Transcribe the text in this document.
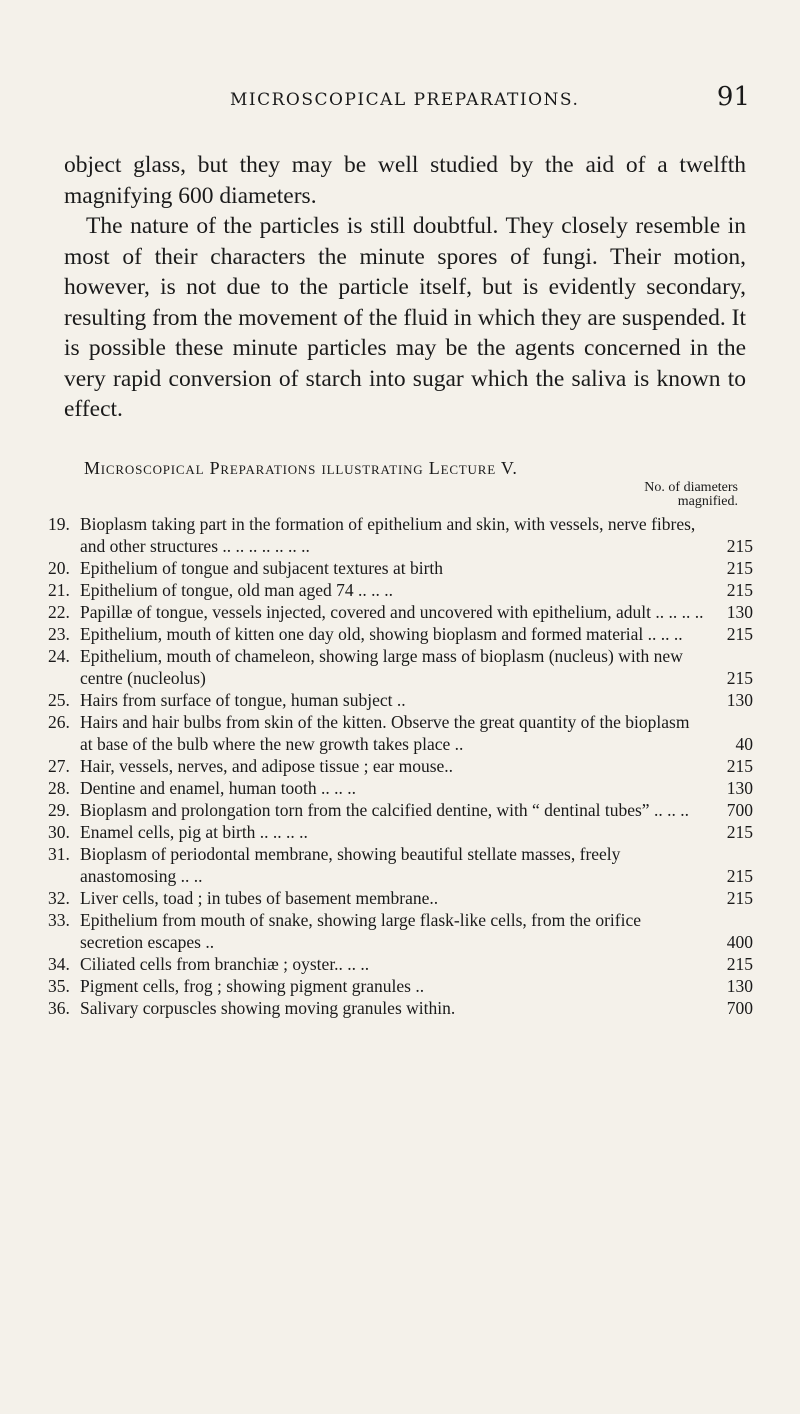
MICROSCOPICAL PREPARATIONS.	91

object glass, but they may be well studied by the aid of a twelfth magnifying 600 diameters.

The nature of the particles is still doubtful. They closely resemble in most of their characters the minute spores of fungi. Their motion, however, is not due to the particle itself, but is evidently secondary, resulting from the movement of the fluid in which they are suspended. It is possible these minute particles may be the agents concerned in the very rapid conversion of starch into sugar which the saliva is known to effect.

Microscopical Preparations illustrating Lecture V.
No. of diameters
magnified.
19. Bioplasm taking part in the formation of epithelium and skin, with vessels, nerve fibres, and other structures .. .. .. .. .. .. ..	215
20. Epithelium of tongue and subjacent textures at birth	215
21. Epithelium of tongue, old man aged 74 .. .. ..	215
22. Papillæ of tongue, vessels injected, covered and uncovered with epithelium, adult .. .. .. ..	130
23. Epithelium, mouth of kitten one day old, showing bioplasm and formed material .. .. ..	215
24. Epithelium, mouth of chameleon, showing large mass of bioplasm (nucleus) with new centre (nucleolus)	215
25. Hairs from surface of tongue, human subject ..	130
26. Hairs and hair bulbs from skin of the kitten. Observe the great quantity of the bioplasm at base of the bulb where the new growth takes place ..	40
27. Hair, vessels, nerves, and adipose tissue ; ear mouse..	215
28. Dentine and enamel, human tooth .. .. ..	130
29. Bioplasm and prolongation torn from the calcified dentine, with “ dentinal tubes” .. .. ..	700
30. Enamel cells, pig at birth .. .. .. ..	215
31. Bioplasm of periodontal membrane, showing beautiful stellate masses, freely anastomosing .. ..	215
32. Liver cells, toad ; in tubes of basement membrane..	215
33. Epithelium from mouth of snake, showing large flask-like cells, from the orifice secretion escapes ..	400
34. Ciliated cells from branchiæ ; oyster.. .. ..	215
35. Pigment cells, frog ; showing pigment granules ..	130
36. Salivary corpuscles showing moving granules within.	700
